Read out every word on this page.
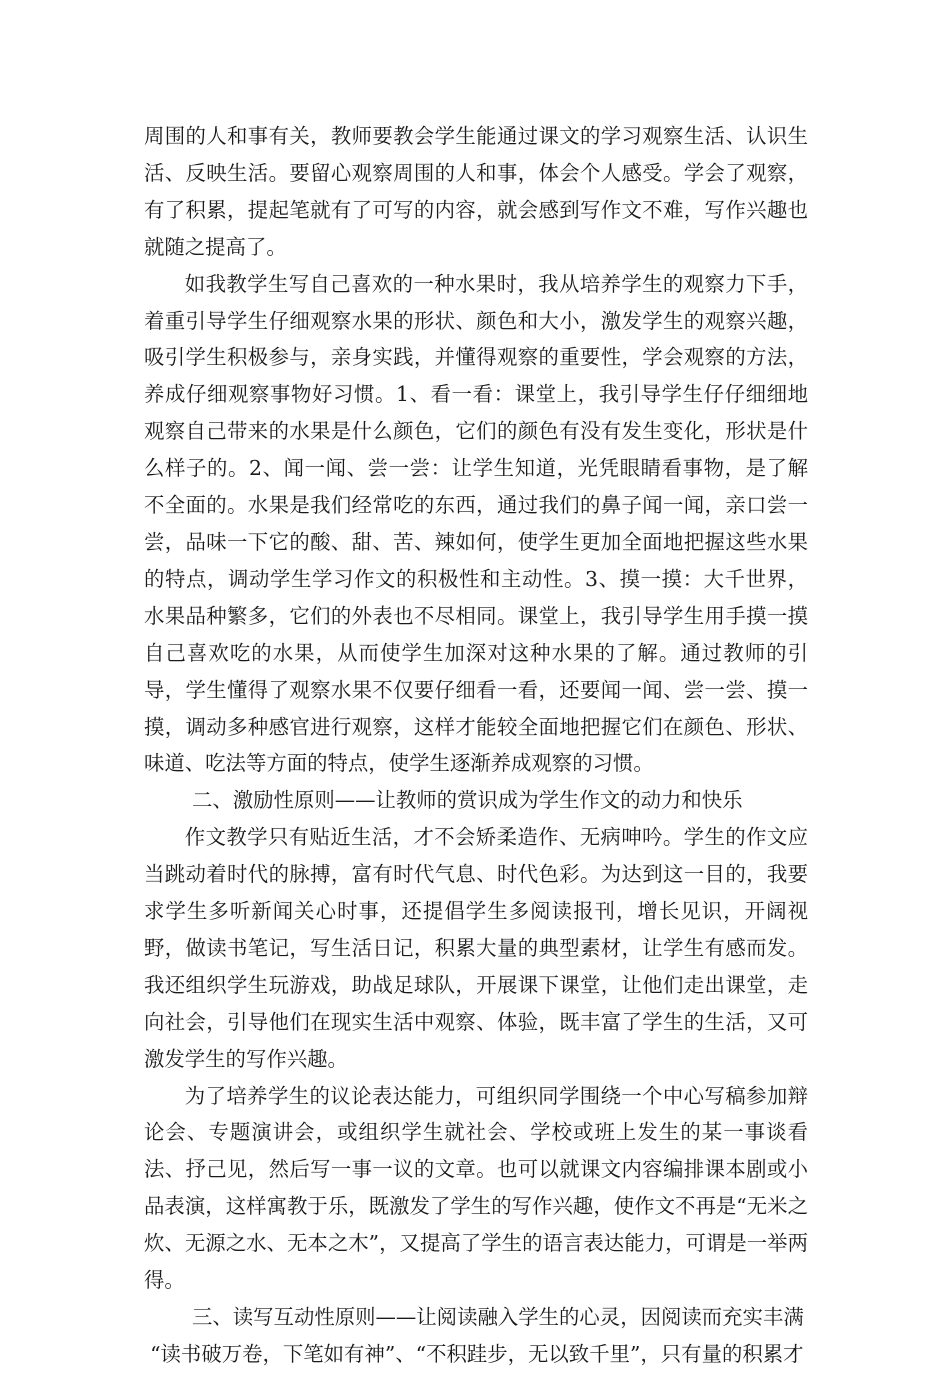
周围的人和事有关，教师要教会学生能通过课文的学习观察生活、认识生活、反映生活。要留心观察周围的人和事，体会个人感受。学会了观察，有了积累，提起笔就有了可写的内容，就会感到写作文不难，写作兴趣也就随之提高了。

如我教学生写自己喜欢的一种水果时，我从培养学生的观察力下手，着重引导学生仔细观察水果的形状、颜色和大小，激发学生的观察兴趣，吸引学生积极参与，亲身实践，并懂得观察的重要性，学会观察的方法，养成仔细观察事物好习惯。1、看一看：课堂上，我引导学生仔仔细细地观察自己带来的水果是什么颜色，它们的颜色有没有发生变化，形状是什么样子的。2、闻一闻、尝一尝：让学生知道，光凭眼睛看事物，是了解不全面的。水果是我们经常吃的东西，通过我们的鼻子闻一闻，亲口尝一尝，品味一下它的酸、甜、苦、辣如何，使学生更加全面地把握这些水果的特点，调动学生学习作文的积极性和主动性。3、摸一摸：大千世界，水果品种繁多，它们的外表也不尽相同。课堂上，我引导学生用手摸一摸自己喜欢吃的水果，从而使学生加深对这种水果的了解。通过教师的引导，学生懂得了观察水果不仅要仔细看一看，还要闻一闻、尝一尝、摸一摸，调动多种感官进行观察，这样才能较全面地把握它们在颜色、形状、味道、吃法等方面的特点，使学生逐渐养成观察的习惯。

二、激励性原则——让教师的赏识成为学生作文的动力和快乐

作文教学只有贴近生活，才不会矫柔造作、无病呻吟。学生的作文应当跳动着时代的脉搏，富有时代气息、时代色彩。为达到这一目的，我要求学生多听新闻关心时事，还提倡学生多阅读报刊，增长见识，开阔视野，做读书笔记，写生活日记，积累大量的典型素材，让学生有感而发。我还组织学生玩游戏，助战足球队，开展课下课堂，让他们走出课堂，走向社会，引导他们在现实生活中观察、体验，既丰富了学生的生活，又可激发学生的写作兴趣。

为了培养学生的议论表达能力，可组织同学围绕一个中心写稿参加辩论会、专题演讲会，或组织学生就社会、学校或班上发生的某一事谈看法、抒己见，然后写一事一议的文章。也可以就课文内容编排课本剧或小品表演，这样寓教于乐，既激发了学生的写作兴趣，使作文不再是“无米之炊、无源之水、无本之木”，又提高了学生的语言表达能力，可谓是一举两得。

三、读写互动性原则——让阅读融入学生的心灵，因阅读而充实丰满

“读书破万卷，下笔如有神”、“不积跬步，无以致千里”，只有量的积累才
